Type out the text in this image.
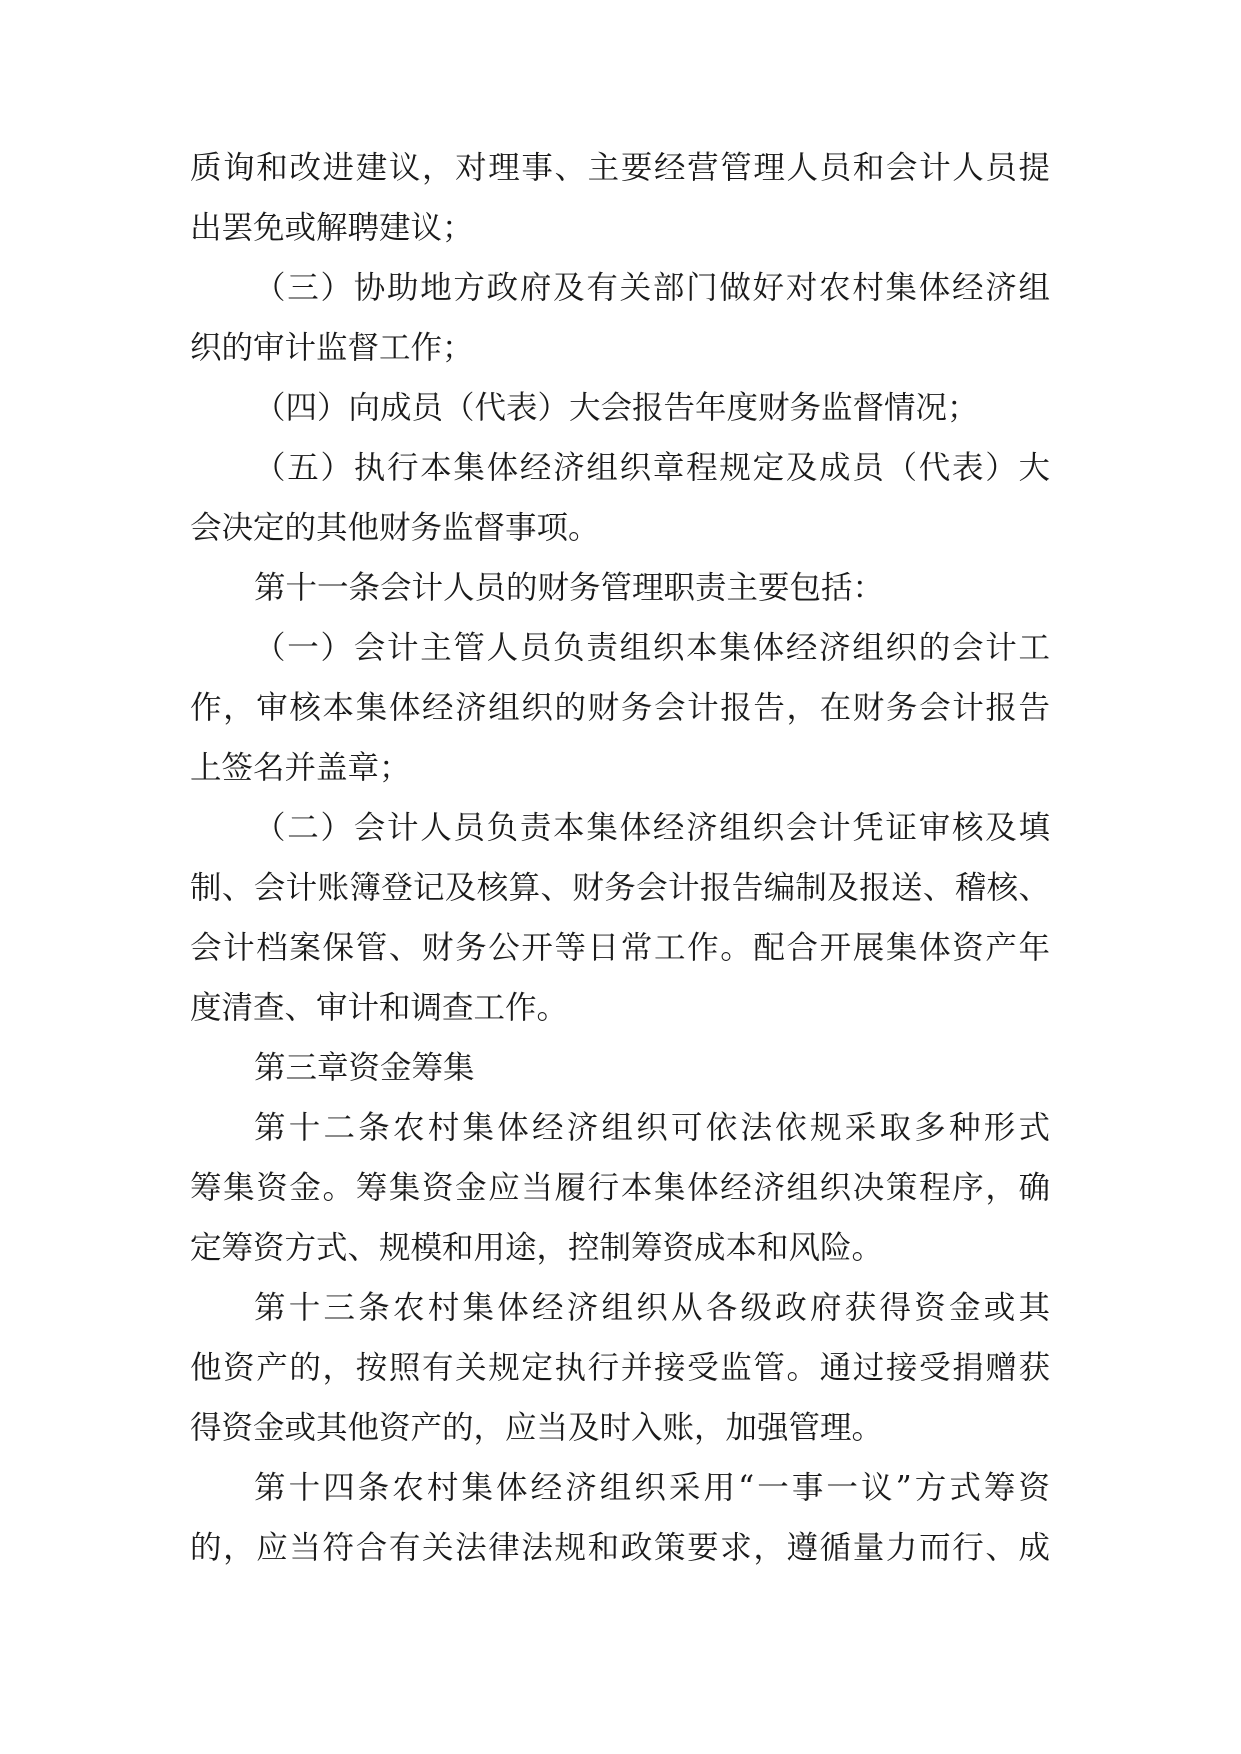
质询和改进建议，对理事、主要经营管理人员和会计人员提
出罢免或解聘建议；
（三）协助地方政府及有关部门做好对农村集体经济组
织的审计监督工作；
（四）向成员（代表）大会报告年度财务监督情况；
（五）执行本集体经济组织章程规定及成员（代表）大
会决定的其他财务监督事项。
第十一条会计人员的财务管理职责主要包括：
（一）会计主管人员负责组织本集体经济组织的会计工
作，审核本集体经济组织的财务会计报告，在财务会计报告
上签名并盖章；
（二）会计人员负责本集体经济组织会计凭证审核及填
制、会计账簿登记及核算、财务会计报告编制及报送、稽核、
会计档案保管、财务公开等日常工作。配合开展集体资产年
度清查、审计和调查工作。
第三章资金筹集
第十二条农村集体经济组织可依法依规采取多种形式
筹集资金。筹集资金应当履行本集体经济组织决策程序，确
定筹资方式、规模和用途，控制筹资成本和风险。
第十三条农村集体经济组织从各级政府获得资金或其
他资产的，按照有关规定执行并接受监管。通过接受捐赠获
得资金或其他资产的，应当及时入账，加强管理。
第十四条农村集体经济组织采用“一事一议”方式筹资
的，应当符合有关法律法规和政策要求，遵循量力而行、成
